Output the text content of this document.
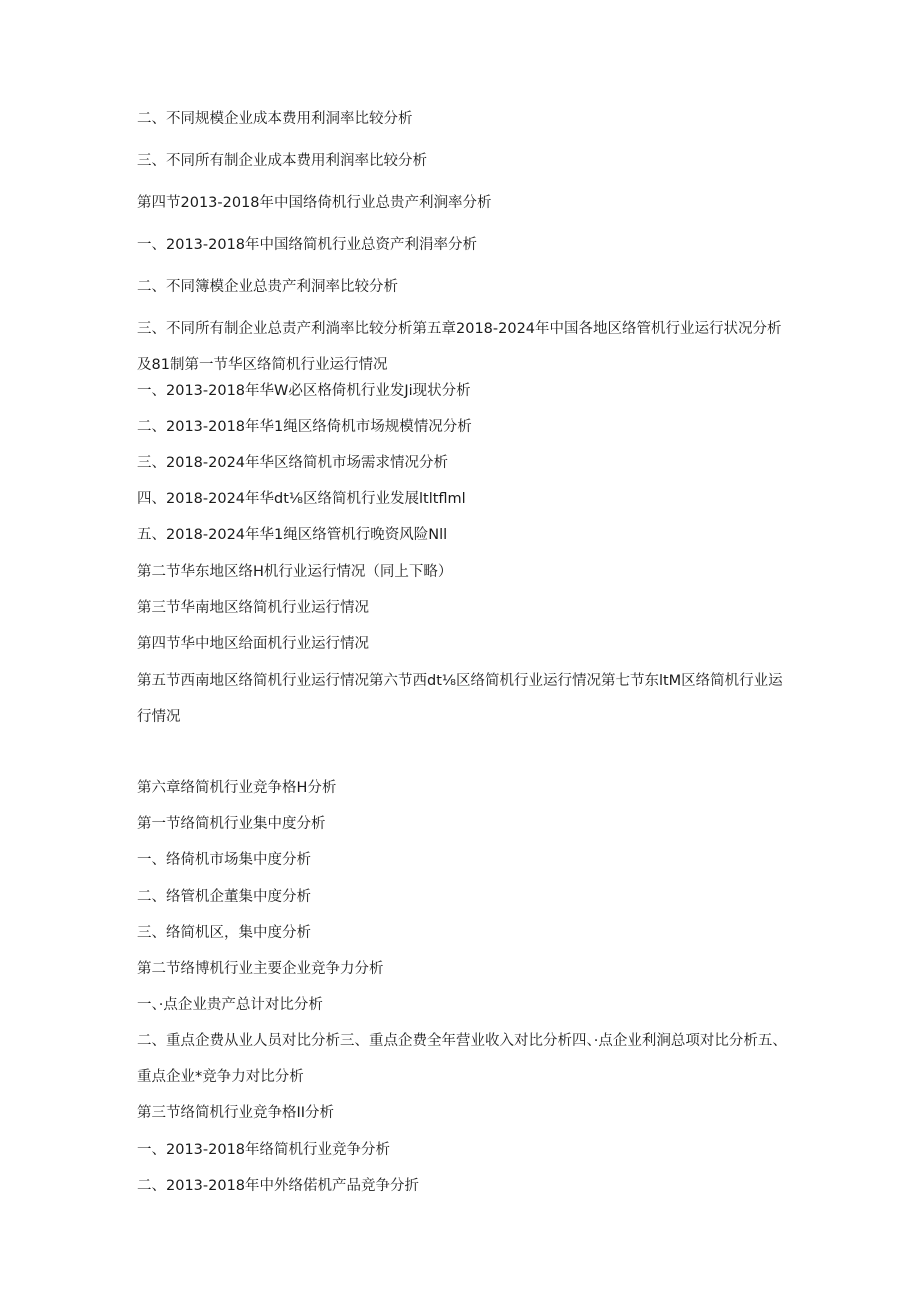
二、不同规模企业成本费用利洞率比较分析
三、不同所有制企业成本费用利润率比较分析
第四节2013-2018年中国络倚机行业总贵产利涧率分析
一、2013-2018年中国络简机行业总资产利涓率分析
二、不同簿模企业总贵产利洞率比较分析
三、不同所有制企业总责产利淌率比较分析第五章2018-2024年中国各地区络管机行业运行状况分析及81制第一节华区络简机行业运行情况
一、2013-2018年华W必区格倚机行业发Ji现状分析
二、2013-2018年华1绳区络倚机市场规模情况分析
三、2018-2024年华区络简机市场需求情况分析
四、2018-2024年华dt⅛区络简机行业发展ltltflml
五、2018-2024年华1绳区络管机行晚资风险Nll
第二节华东地区络H机行业运行情况（同上下略）
第三节华南地区络简机行业运行情况
第四节华中地区给面机行业运行情况
第五节西南地区络简机行业运行情况第六节西dt⅛区络简机行业运行情况第七节东ltM区络简机行业运行情况
第六章络简机行业竞争格H分析
第一节络简机行业集中度分析
一、络倚机市场集中度分析
二、络管机企董集中度分析
三、络简机区，集中度分析
第二节络博机行业主要企业竞争力分析
一、·点企业贵产总计对比分析
二、重点企费从业人员对比分析三、重点企费全年营业收入对比分析四、·点企业利涧总项对比分析五、重点企业*竞争力对比分析
第三节络简机行业竞争格II分析
一、2013-2018年络简机行业竞争分析
二、2013-2018年中外络偌机产品竞争分折
